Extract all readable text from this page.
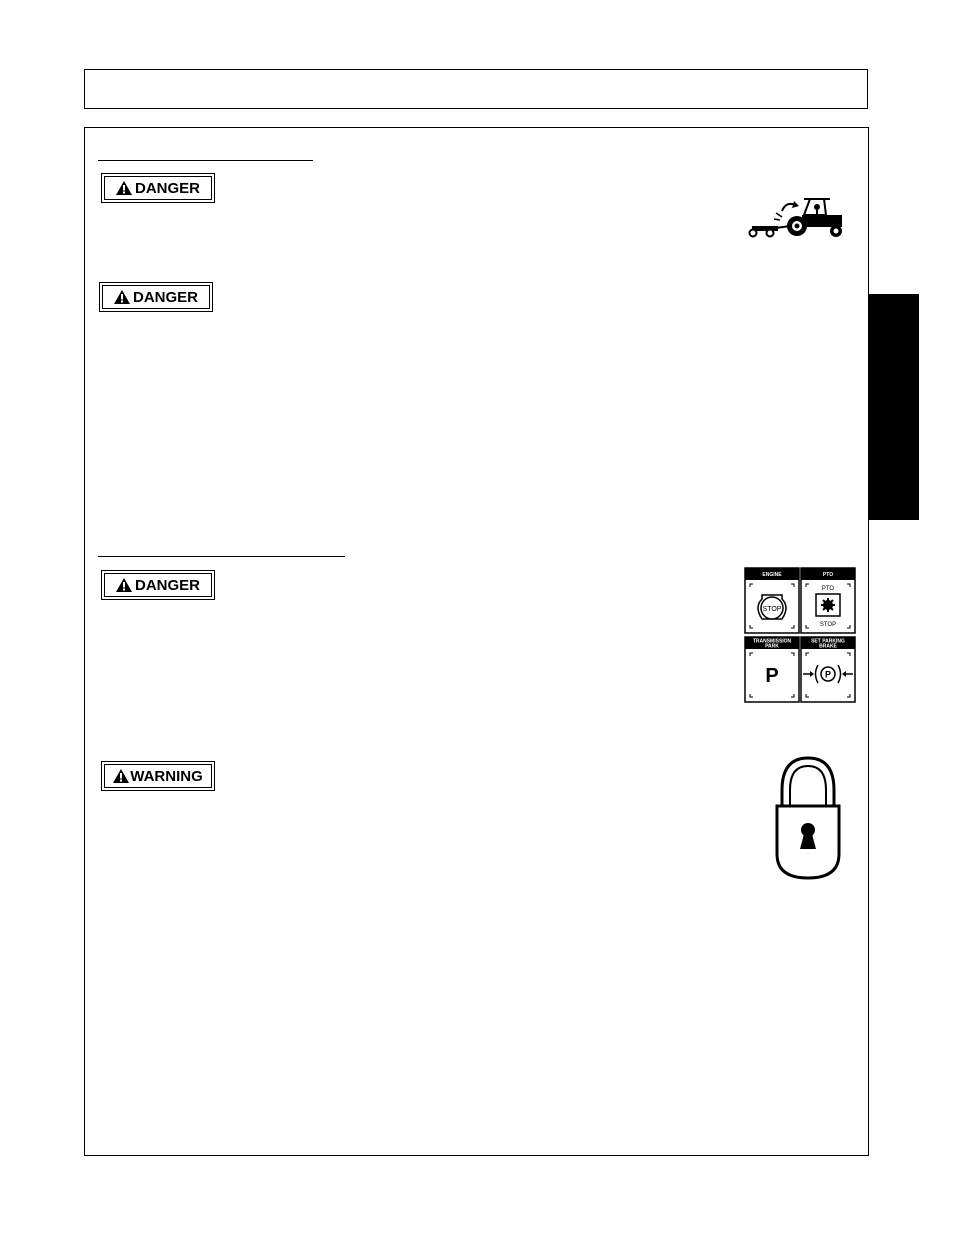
DANGER
DANGER
DANGER
ENGINE
STOP
PTO
PTO
STOP
TRANSMISSION
PARK
P
SET PARKING
BRAKE
P
WARNING
